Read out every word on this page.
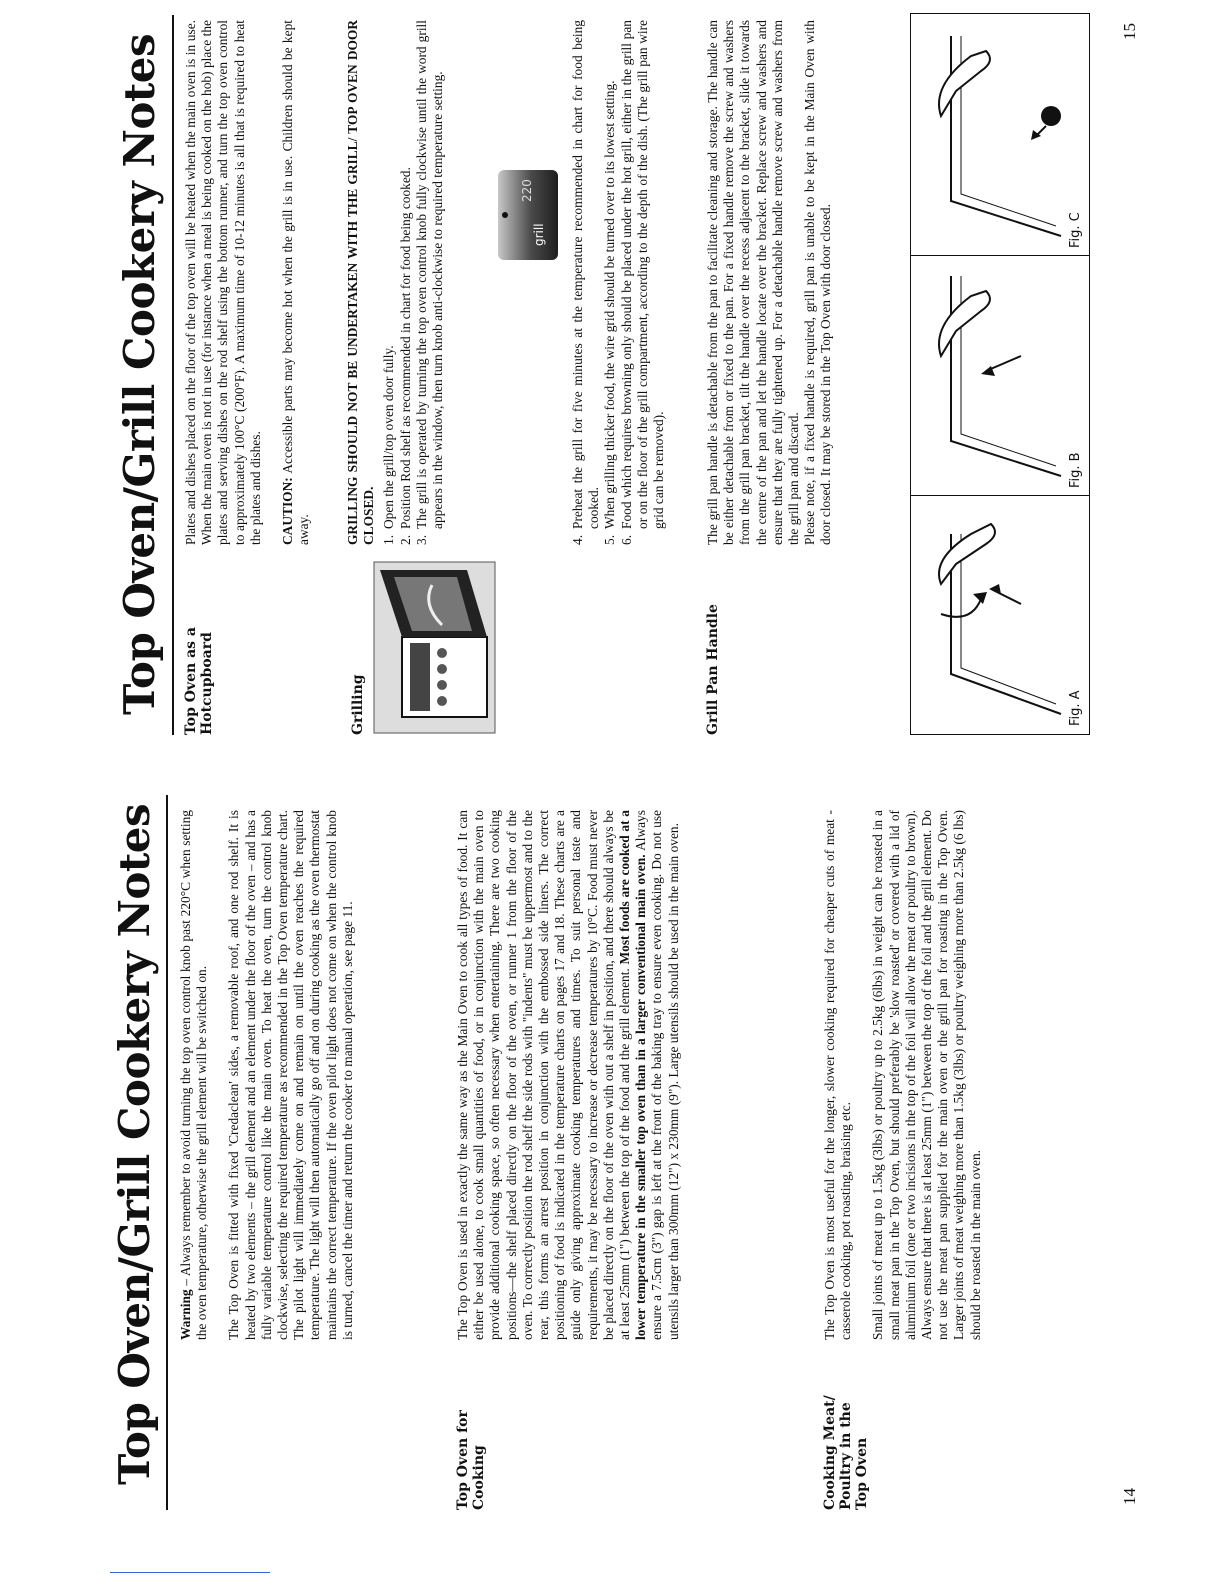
Top Oven/Grill Cookery Notes Warning – Always remember to avoid turning the top oven control knob past 220°C when setting the oven temperature, otherwise the grill element will be switched on. The Top Oven is fitted with fixed 'Credaclean' sides, a removable roof, and one rod shelf. It is heated by two elements – the grill element and an element under the floor of the oven – and has a fully variable temperature control like the main oven. To heat the oven, turn the control knob clockwise, selecting the required temperature as recommended in the Top Oven temperature chart. The pilot light will immediately come on and remain on until the oven reaches the required temperature. The light will then automatically go off and on during cooking as the oven thermostat maintains the correct temperature. If the oven pilot light does not come on when the control knob is turned, cancel the timer and return the cooker to manual operation, see page 11.

Top Oven for
Cooking

The Top Oven is used in exactly the same way as the Main Oven to cook all types of food. It can either be used alone, to cook small quantities of food, or in conjunction with the main oven to provide additional cooking space, so often necessary when entertaining. There are two cooking positions—the shelf placed directly on the floor of the oven, or runner 1 from the floor of the oven. To correctly position the rod shelf the side rods with "indents" must be uppermost and to the rear, this forms an arrest position in conjunction with the embossed side liners. The correct positioning of food is indicated in the temperature charts on pages 17 and 18. These charts are a guide only giving approximate cooking temperatures and times. To suit personal taste and requirements, it may be necessary to increase or decrease temperatures by 10°C. Food must never be placed directly on the floor of the oven with out a shelf in position, and there should always be at least 25mm (1") between the top of the food and the grill element. Most foods are cooked at a lower temperature in the smaller top oven than in a larger conventional main oven. Always ensure a 7.5cm (3") gap is left at the front of the baking tray to ensure even cooking. Do not use utensils larger than 300mm (12") x 230mm (9"). Large utensils should be used in the main oven.

Cooking Meat/
Poultry in the
Top Oven

The Top Oven is most useful for the longer, slower cooking required for cheaper cuts of meat - casserole cooking, pot roasting, braising etc. Small joints of meat up to 1.5kg (3lbs) or poultry up to 2.5kg (6lbs) in weight can be roasted in a small meat pan in the Top Oven, but should preferably be 'slow roasted' or covered with a lid of aluminium foil (one or two incisions in the top of the foil will allow the meat or poultry to brown). Always ensure that there is at least 25mm (1") between the top of the foil and the grill element. Do not use the meat pan supplied for the main oven or the grill pan for roasting in the Top Oven. Larger joints of meat weighing more than 1.5kg (3lbs) or poultry weighing more than 2.5kg (6 lbs) should be roasted in the main oven.

14
Top Oven/Grill Cookery Notes
Top Oven as a
Hotcupboard

Plates and dishes placed on the floor of the top oven will be heated when the main oven is in use. When the main oven is not in use (for instance when a meal is being cooked on the hob) place the plates and serving dishes on the rod shelf using the bottom runner, and turn the top oven control to approximately 100°C (200°F). A maximum time of 10-12 minutes is all that is required to heat the plates and dishes. CAUTION: Accessible parts may become hot when the grill is in use. Children should be kept away.

Grilling

GRILLING SHOULD NOT BE UNDERTAKEN WITH THE GRILL/ TOP OVEN DOOR CLOSED. 1.Open the grill/top oven door fully.
2.Position Rod shelf as recommended in chart for food being cooked.
3.The grill is operated by turning the top oven control knob fully clockwise until the word grill appears in the window, then turn knob anti-clockwise to required temperature setting.	grill
220
4.Preheat the grill for five minutes at the temperature recommended in chart for food being cooked.
5.When grilling thicker food, the wire grid should be turned over to its lowest setting.
6.Food which requires browning only should be placed under the hot grill, either in the grill pan or on the floor of the grill compartment, according to the depth of the dish. (The grill pan wire grid can be removed).
Grill Pan Handle

The grill pan handle is detachable from the pan to facilitate cleaning and storage. The handle can be either detachable from or fixed to the pan. For a fixed handle remove the screw and washers from the grill pan bracket, tilt the handle over the recess adjacent to the bracket, slide it towards the centre of the pan and let the handle locate over the bracket. Replace screw and washers and ensure that they are fully tightened up. For a detachable handle remove screw and washers from the grill pan and discard. Please note, if a fixed handle is required, grill pan is unable to be kept in the Main Oven with door closed. It may be stored in the Top Oven with door closed.

Fig. A
Fig. B
Fig. C
15
